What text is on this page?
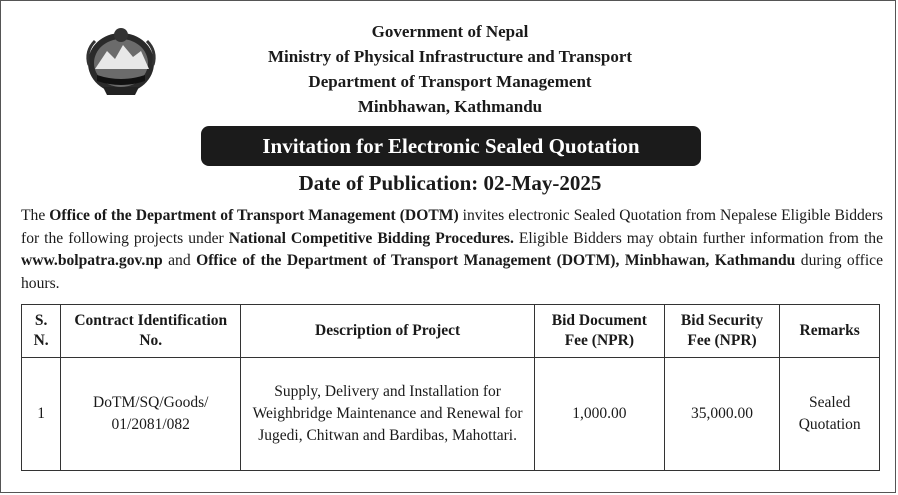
Government of Nepal
Ministry of Physical Infrastructure and Transport
Department of Transport Management
Minbhawan, Kathmandu
Invitation for Electronic Sealed Quotation
Date of Publication: 02-May-2025
The Office of the Department of Transport Management (DOTM) invites electronic Sealed Quotation from Nepalese Eligible Bidders for the following projects under National Competitive Bidding Procedures. Eligible Bidders may obtain further information from the www.bolpatra.gov.np and Office of the Department of Transport Management (DOTM), Minbhawan, Kathmandu during office hours.
S. N.	Contract Identification No.	Description of Project	Bid Document Fee (NPR)	Bid Security Fee (NPR)	Remarks
1	DoTM/SQ/Goods/ 01/2081/082	Supply, Delivery and Installation for Weighbridge Maintenance and Renewal for Jugedi, Chitwan and Bardibas, Mahottari.	1,000.00	35,000.00	Sealed Quotation
